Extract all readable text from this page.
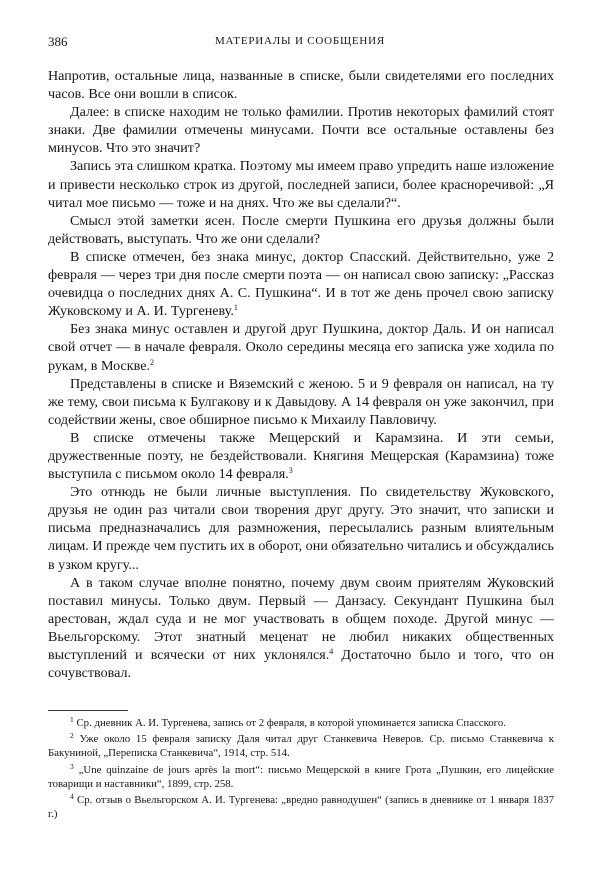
386	МАТЕРИАЛЫ И СООБЩЕНИЯ

Напротив, остальные лица, названные в списке, были свидетелями его последних часов. Все они вошли в список.

Далее: в списке находим не только фамилии. Против некоторых фамилий стоят знаки. Две фамилии отмечены минусами. Почти все остальные оставлены без минусов. Что это значит?

Запись эта слишком кратка. Поэтому мы имеем право упредить наше изложение и привести несколько строк из другой, последней записи, более красноречивой: „Я читал мое письмо — тоже и на днях. Что же вы сделали?“.

Смысл этой заметки ясен. После смерти Пушкина его друзья должны были действовать, выступать. Что же они сделали?

В списке отмечен, без знака минус, доктор Спасский. Действительно, уже 2 февраля — через три дня после смерти поэта — он написал свою записку: „Рассказ очевидца о последних днях А. С. Пушкина“. И в тот же день прочел свою записку Жуковскому и А. И. Тургеневу.$^1$

Без знака минус оставлен и другой друг Пушкина, доктор Даль. И он написал свой отчет — в начале февраля. Около середины месяца его записка уже ходила по рукам, в Москве.$^2$

Представлены в списке и Вяземский с женою. 5 и 9 февраля он написал, на ту же тему, свои письма к Булгакову и к Давыдову. А 14 февраля он уже закончил, при содействии жены, свое обширное письмо к Михаилу Павловичу.

В списке отмечены также Мещерский и Карамзина. И эти семьи, дружественные поэту, не бездействовали. Княгиня Мещерская (Карамзина) тоже выступила с письмом около 14 февраля.$^3$

Это отнюдь не были личные выступления. По свидетельству Жуковского, друзья не один раз читали свои творения друг другу. Это значит, что записки и письма предназначались для размножения, пересылались разным влиятельным лицам. И прежде чем пустить их в оборот, они обязательно читались и обсуждались в узком кругу...

А в таком случае вполне понятно, почему двум своим приятелям Жуковский поставил минусы. Только двум. Первый — Данзасу. Секундант Пушкина был арестован, ждал суда и не мог участвовать в общем походе. Другой минус — Вьельгорскому. Этот знатный меценат не любил никаких общественных выступлений и всячески от них уклонялся.$^4$ Достаточно было и того, что он сочувствовал.

$^1$ Ср. дневник А. И. Тургенева, запись от 2 февраля, в которой упоминается записка Спасского.

$^2$ Уже около 15 февраля записку Даля читал друг Станкевича Неверов. Ср. письмо Станкевича к Бакуниной, „Переписка Станкевича“, 1914, стр. 514.

$^3$ „Une quinzaine de jours après la mort“: письмо Мещерской в книге Грота „Пушкин, его лицейские товарищи и наставники“, 1899, стр. 258.

$^4$ Ср. отзыв о Вьельгорском А. И. Тургенева: „вредно равнодушен“ (запись в дневнике от 1 января 1837 г.)
